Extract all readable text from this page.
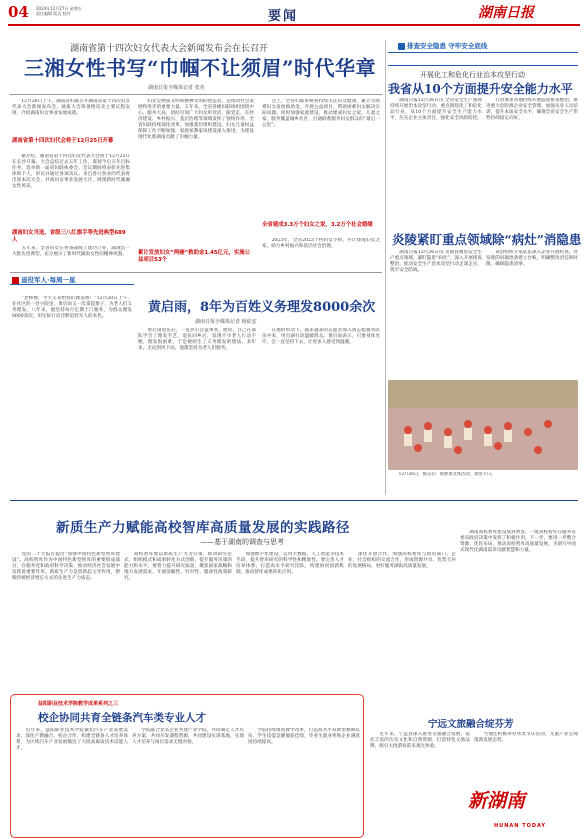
04 2024年12月27日 星期五
责任编辑 版式 校对	要闻	湖南日报
湖南省第十四次妇女代表大会新闻发布会在长召开
三湘女性书写“巾帼不让须眉”时代华章
湖南日报全媒体记者 张英
　　12月26日上午，湖南省妇联召开湖南省第十四次妇女代表大会新闻发布会，通报大会筹备情况及主要议程安排，介绍湖南妇女事业发展成就。
湖南省第十四次妇代会将于12月25日开幕
　　据介绍，湖南省第十四次妇女代表大会将于12月25日在长沙开幕。大会总结过去五年工作，谋划今后五年目标任务，选举新一届省妇联执委会。会议期间将表彰先进集体和个人，审议并通过各项决议。来自各行各业的代表将出席本次大会，共商妇女事业发展大计，展现新时代湖湘女性风采。
湖南妇女当选，省级三八红旗手等先进典型689人
　　五年来，全省妇女在各条战线上建功立业，涌现出一大批先进典型，充分展示了新时代湖南女性的精神风貌。
　　妇女是物质文明和精神文明的创造者，是推动社会发展和进步的重要力量。五年来，全省各级妇联组织围绕中心、服务大局，团结引领广大妇女听党话、跟党走，在经济建设、乡村振兴、基层治理等领域发挥了独特作用。全省妇联持续深化改革，加强基层组织建设，妇女儿童权益保障工作不断加强，家庭家教家风建设深入推进，为建设现代化新湖南贡献了巾帼力量。
累计发放妇女“两癌”救助金1.45亿元，实施公益项目53个
　　会上，全省妇联系统将持续关注妇女健康，累计为困难妇女发放救助金，开展公益项目，帮助困难妇女解决实际问题。同时加强家庭建设，推动建成妇女之家、儿童之家，服务覆盖城乡社区，打通联系服务妇女群众的“最后一公里”。
全省建成3.3万个妇女之家，3.2万个社会婚缘
　　2023年，全省2023个村妇女小组，共计建成妇女之家，助力乡村振兴和基层社会治理。
排查安全隐患 守牢安全底线
开展化工和危化行业治本攻坚行动
我省从10个方面提升安全能力水平
　　湖南日报12月26日讯 全省安全生产领域持续开展治本攻坚行动，重点围绕化工和危化品行业，从10个方面提升安全生产能力水平，压实企业主体责任，强化安全风险防控。
　　行动要求各地持续开展隐患排查整治，推进重大危险源企业安全管理，加强从业人员培训，提升本质安全水平，确保全省安全生产形势持续稳定向好。
炎陵紧盯重点领域除“病灶”消隐患
　　湖南日报12月26日讯 炎陵县聚焦安全生产重点领域，紧盯隐患“病灶”，深入开展排查整治，推动安全生产治本攻坚行动走深走实，筑牢安全防线。
　　该县组织专家队伍深入企业开展检查，对发现的问题逐条建立台账，明确整改责任和时限，确保隐患清零。
　　12月26日，群众在广场参加文体活动，欢度节日。
退役军人·每周一星
黄启雨，8年为百姓义务理发8000余次
湖南日报全媒体记者 杨依安
　　“老师傅，今天又来给我们理发啦！”12月20日上午，在社区的一处小院里，黄启雨又一次拿起推子，为老人们义务理发。八年来，他坚持每月定期上门服务，为群众理发8000余次，用实际行动诠释退役军人的本色。
　　黄启雨退伍后，一直热心公益事业。他说，自己在部队学会了理发手艺，退伍回乡后，发现不少老人行动不便，理发很困难，于是便萌生了义务理发的想法。多年来，无论刮风下雨，他都坚持为老人们服务。
　　在他的带动下，越来越多的志愿者加入到志愿服务队伍中来，用点滴行动温暖群众。黄启雨表示，只要身体允许，会一直坚持下去，让更多人感受到温暖。
新质生产力赋能高校智库高质量发展的实践路径
——基于湖南的调查与思考
　　党的二十大报告提出“加强中国特色新型智库建设”。高校智库作为中国特色新型智库的重要组成部分，在服务党和政府科学决策、推动经济社会发展中发挥着重要作用。新质生产力是创新起主导作用，摆脱传统经济增长方式的先进生产力质态。
　　高校智库要以新质生产力为引领，推动研究范式、组织模式和成果转化方式创新，提升服务决策的能力和水平。要着力提升研究质量，聚焦国家战略和地方发展需求，开展前瞻性、针对性、储备性政策研究。
　　加强数字化建设，运用大数据、人工智能等技术手段，提升智库研究的科学性和精准性。要完善人才培养体系，打造高水平研究团队，构建协同创新机制，推动智库成果转化应用。
　　深化开放合作，加强高校智库与政府部门、企业、社会组织的交流合作，形成资源共享、优势互补的发展格局，更好服务湖南高质量发展。
　　湖南高校智库建设成效明显，一批高校智库在服务省委省政府决策中发挥了积极作用。下一步，要进一步整合资源，优化布局，推动高校智库高质量发展，为谱写中国式现代化湖南篇章贡献智慧和力量。
益阳职业技术学院教学成果系列之三
校企协同共育全链条汽车类专业人才
　　近年来，益阳职业技术学院紧扣汽车产业发展需求，深化产教融合、校企合作，构建全链条人才培养体系，为区域汽车产业发展输送了大批高素质技术技能人才。
　　学院联合龙头企业共建产业学院，共同制定人才培养方案，共同开发课程资源，共同建设实训基地，实现人才培养与岗位需求无缝对接。
　　学院持续推进教学改革，打造高水平双师型教师队伍，学生技能竞赛屡获佳绩，毕业生就业率和企业满意度持续提高。
宁远文旅融合绽芬芳
　　近年来，宁远县深入推进文旅融合发展，依托丰富的历史文化和自然资源，打造特色文旅品牌，吸引大批游客前来观光体验。
　　当地还积极举办各类节庆活动，文旅产业呈现蓬勃发展态势。
新湖南
HUNAN TODAY
